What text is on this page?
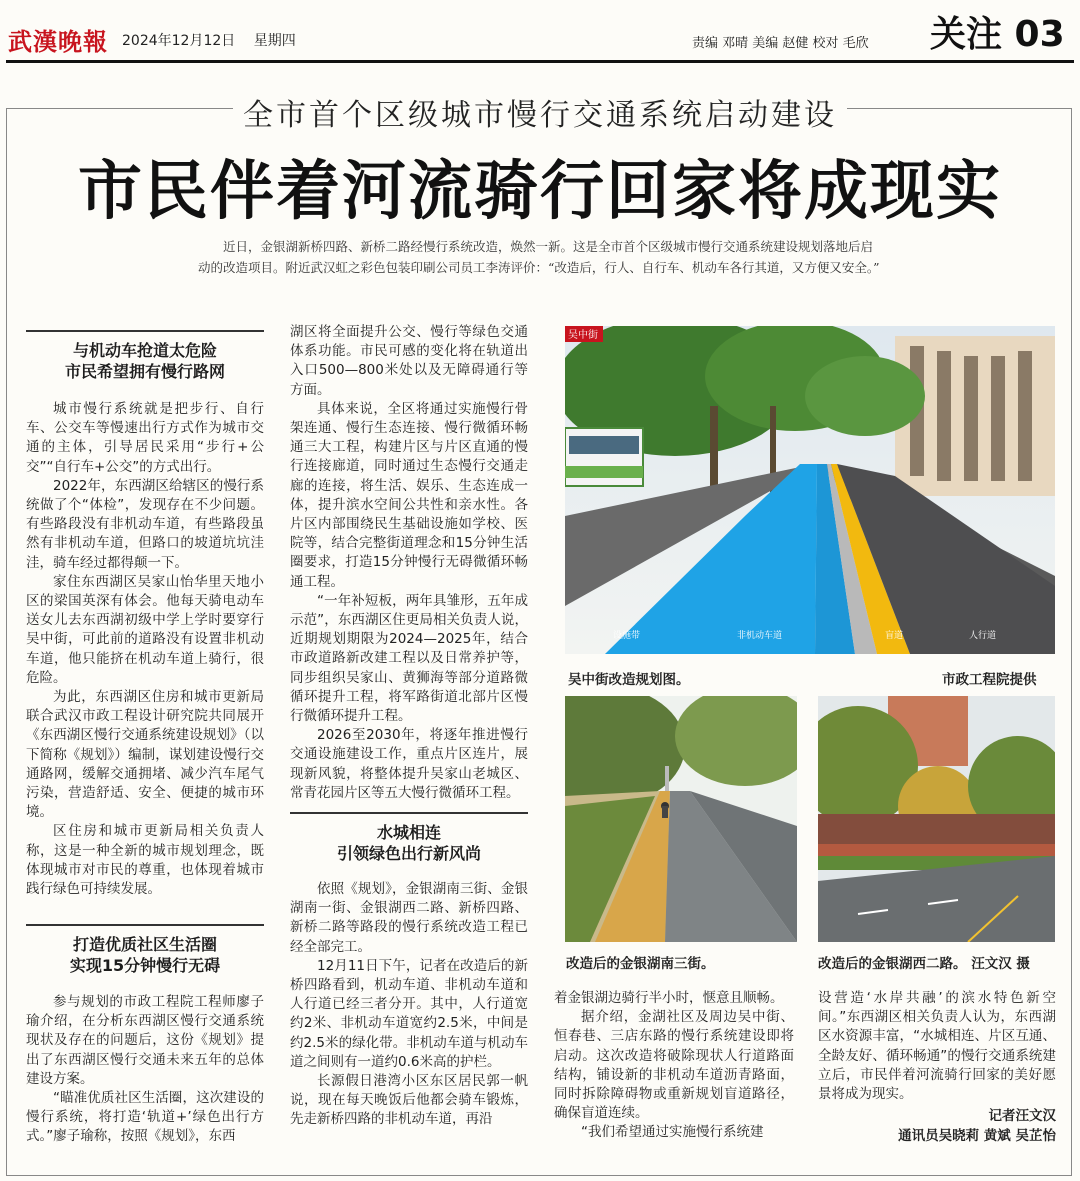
武漢晚報 2024年12月12日 星期四	责编 邓晴 美编 赵健 校对 毛欣 关注 03
全市首个区级城市慢行交通系统启动建设
市民伴着河流骑行回家将成现实
近日，金银湖新桥四路、新桥二路经慢行系统改造，焕然一新。这是全市首个区级城市慢行交通系统建设规划落地后启动的改造项目。附近武汉虹之彩色包装印刷公司员工李涛评价：“改造后，行人、自行车、机动车各行其道，又方便又安全。”
与机动车抢道太危险
市民希望拥有慢行路网

城市慢行系统就是把步行、自行车、公交车等慢速出行方式作为城市交通的主体，引导居民采用“步行+公交”“自行车+公交”的方式出行。

2022年，东西湖区给辖区的慢行系统做了个“体检”，发现存在不少问题。有些路段没有非机动车道，有些路段虽然有非机动车道，但路口的坡道坑坑洼洼，骑车经过都得颠一下。

家住东西湖区吴家山怡华里天地小区的梁国英深有体会。他每天骑电动车送女儿去东西湖初级中学上学时要穿行吴中街，可此前的道路没有设置非机动车道，他只能挤在机动车道上骑行，很危险。

为此，东西湖区住房和城市更新局联合武汉市政工程设计研究院共同展开《东西湖区慢行交通系统建设规划》（以下简称《规划》）编制，谋划建设慢行交通路网，缓解交通拥堵、减少汽车尾气污染，营造舒适、安全、便捷的城市环境。

区住房和城市更新局相关负责人称，这是一种全新的城市规划理念，既体现城市对市民的尊重，也体现着城市践行绿色可持续发展。

打造优质社区生活圈
实现15分钟慢行无碍

参与规划的市政工程院工程师廖子瑜介绍，在分析东西湖区慢行交通系统现状及存在的问题后，这份《规划》提出了东西湖区慢行交通未来五年的总体建设方案。

“瞄准优质社区生活圈，这次建设的慢行系统，将打造‘轨道+’绿色出行方式。”廖子瑜称，按照《规划》，东西

湖区将全面提升公交、慢行等绿色交通体系功能。市民可感的变化将在轨道出入口500—800米处以及无障碍通行等方面。

具体来说，全区将通过实施慢行骨架连通、慢行生态连接、慢行微循环畅通三大工程，构建片区与片区直通的慢行连接廊道，同时通过生态慢行交通走廊的连接，将生活、娱乐、生态连成一体，提升滨水空间公共性和亲水性。各片区内部围绕民生基础设施如学校、医院等，结合完整街道理念和15分钟生活圈要求，打造15分钟慢行无碍微循环畅通工程。

“一年补短板，两年具雏形，五年成示范”，东西湖区住更局相关负责人说，近期规划期限为2024—2025年，结合市政道路新改建工程以及日常养护等，同步组织吴家山、黄狮海等部分道路微循环提升工程，将军路街道北部片区慢行微循环提升工程。

2026至2030年，将逐年推进慢行交通设施建设工作，重点片区连片，展现新风貌，将整体提升吴家山老城区、常青花园片区等五大慢行微循环工程。

水城相连
引领绿色出行新风尚

依照《规划》，金银湖南三街、金银湖南一街、金银湖西二路、新桥四路、新桥二路等路段的慢行系统改造工程已经全部完工。

12月11日下午，记者在改造后的新桥四路看到，机动车道、非机动车道和人行道已经三者分开。其中，人行道宽约2米、非机动车道宽约2.5米，中间是约2.5米的绿化带。非机动车道与机动车道之间则有一道约0.6米高的护栏。

长源假日港湾小区东区居民郭一帆说，现在每天晚饭后他都会骑车锻炼，先走新桥四路的非机动车道，再沿

设施带	非机动车道	盲道	人行道
吴中街
吴中街改造规划图。	市政工程院提供
改造后的金银湖南三街。	改造后的金银湖西二路。 汪文汉 摄

着金银湖边骑行半小时，惬意且顺畅。

据介绍，金湖社区及周边吴中街、恒春巷、三店东路的慢行系统建设即将启动。这次改造将破除现状人行道路面结构，铺设新的非机动车道沥青路面，同时拆除障碍物或重新规划盲道路径，确保盲道连续。

“我们希望通过实施慢行系统建

设营造‘水岸共融’的滨水特色新空间。”东西湖区相关负责人认为，东西湖区水资源丰富，“水城相连、片区互通、全龄友好、循环畅通”的慢行交通系统建立后，市民伴着河流骑行回家的美好愿景将成为现实。

记者汪文汉
通讯员吴晓莉 黄斌 吴芷怡
